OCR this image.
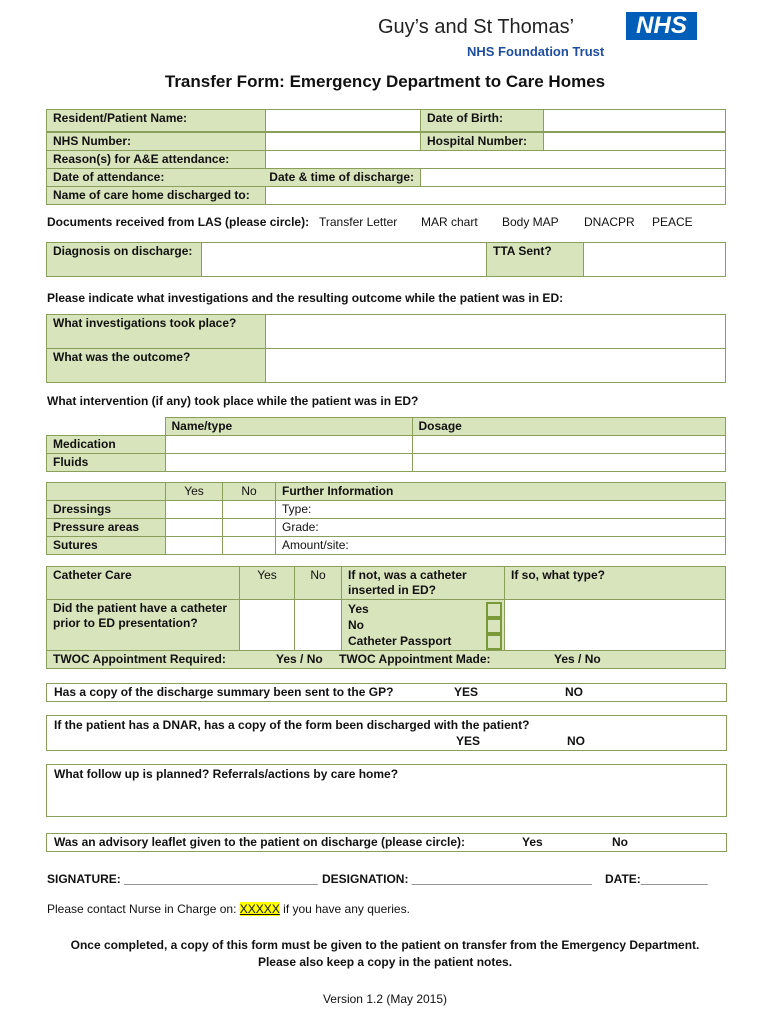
Guy’s and St Thomas’
NHS Foundation Trust
NHS
Transfer Form: Emergency Department to Care Homes
Resident/Patient Name:		Date of Birth:	
NHS Number:		Hospital Number:	
Reason(s) for A&E attendance:			
Date of attendance: Date & time of discharge:			

Name of care home discharged to:			
Documents received from LAS (please circle): Transfer Letter MAR chart Body MAP DNACPR PEACE
Diagnosis on discharge:		TTA Sent?	
Please indicate what investigations and the resulting outcome while the patient was in ED:
What investigations took place?	
What was the outcome?	
What intervention (if any) took place while the patient was in ED?
	Name/type	Dosage
Medication		
Fluids		
	Yes	No	Further Information
Dressings			Type:
Pressure areas			Grade:
Sutures			Amount/site:
Catheter Care	Yes	No	If not, was a catheter inserted in ED?	If so, what type?
Did the patient have a catheter prior to ED presentation?			Yes
No
Catheter Passport	

TWOC Appointment Required: Yes / No TWOC Appointment Made: Yes / No				
Has a copy of the discharge summary been sent to the GP?	YES	NO
If the patient has a DNAR, has a copy of the form been discharged with the patient?
YES	NO
What follow up is planned? Referrals/actions by care home?
Was an advisory leaflet given to the patient on discharge (please circle):	Yes	No
SIGNATURE: _____________________________ DESIGNATION: ___________________________ DATE:__________
Please contact Nurse in Charge on: XXXXX if you have any queries.
Once completed, a copy of this form must be given to the patient on transfer from the Emergency Department.
Please also keep a copy in the patient notes.
Version 1.2 (May 2015)
